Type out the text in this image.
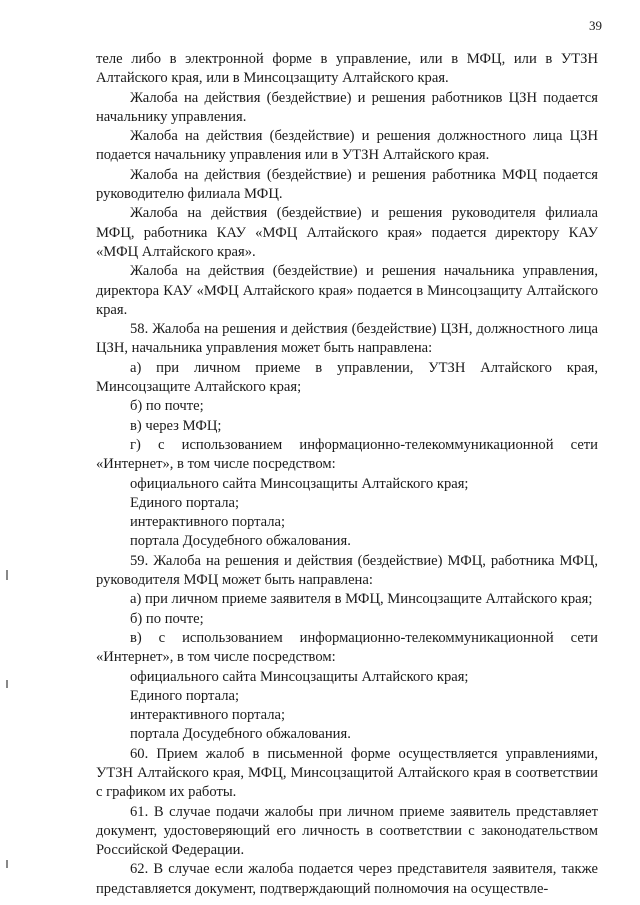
39

теле либо в электронной форме в управление, или в МФЦ, или в УТЗН Алтайского края, или в Минсоцзащиту Алтайского края.

Жалоба на действия (бездействие) и решения работников ЦЗН подается начальнику управления.

Жалоба на действия (бездействие) и решения должностного лица ЦЗН подается начальнику управления или в УТЗН Алтайского края.

Жалоба на действия (бездействие) и решения работника МФЦ подается руководителю филиала МФЦ.

Жалоба на действия (бездействие) и решения руководителя филиала МФЦ, работника КАУ «МФЦ Алтайского края» подается директору КАУ «МФЦ Алтайского края».

Жалоба на действия (бездействие) и решения начальника управления, директора КАУ «МФЦ Алтайского края» подается в Минсоцзащиту Алтайского края.

58. Жалоба на решения и действия (бездействие) ЦЗН, должностного лица ЦЗН, начальника управления может быть направлена:

а) при личном приеме в управлении, УТЗН Алтайского края, Минсоцзащите Алтайского края;

б) по почте;

в) через МФЦ;

г) с использованием информационно-телекоммуникационной сети «Интернет», в том числе посредством:

официального сайта Минсоцзащиты Алтайского края;

Единого портала;

интерактивного портала;

портала Досудебного обжалования.

59. Жалоба на решения и действия (бездействие) МФЦ, работника МФЦ, руководителя МФЦ может быть направлена:

а) при личном приеме заявителя в МФЦ, Минсоцзащите Алтайского края;

б) по почте;

в) с использованием информационно-телекоммуникационной сети «Интернет», в том числе посредством:

официального сайта Минсоцзащиты Алтайского края;

Единого портала;

интерактивного портала;

портала Досудебного обжалования.

60. Прием жалоб в письменной форме осуществляется управлениями, УТЗН Алтайского края, МФЦ, Минсоцзащитой Алтайского края в соответствии с графиком их работы.

61. В случае подачи жалобы при личном приеме заявитель представляет документ, удостоверяющий его личность в соответствии с законодательством Российской Федерации.

62. В случае если жалоба подается через представителя заявителя, также представляется документ, подтверждающий полномочия на осуществле-
